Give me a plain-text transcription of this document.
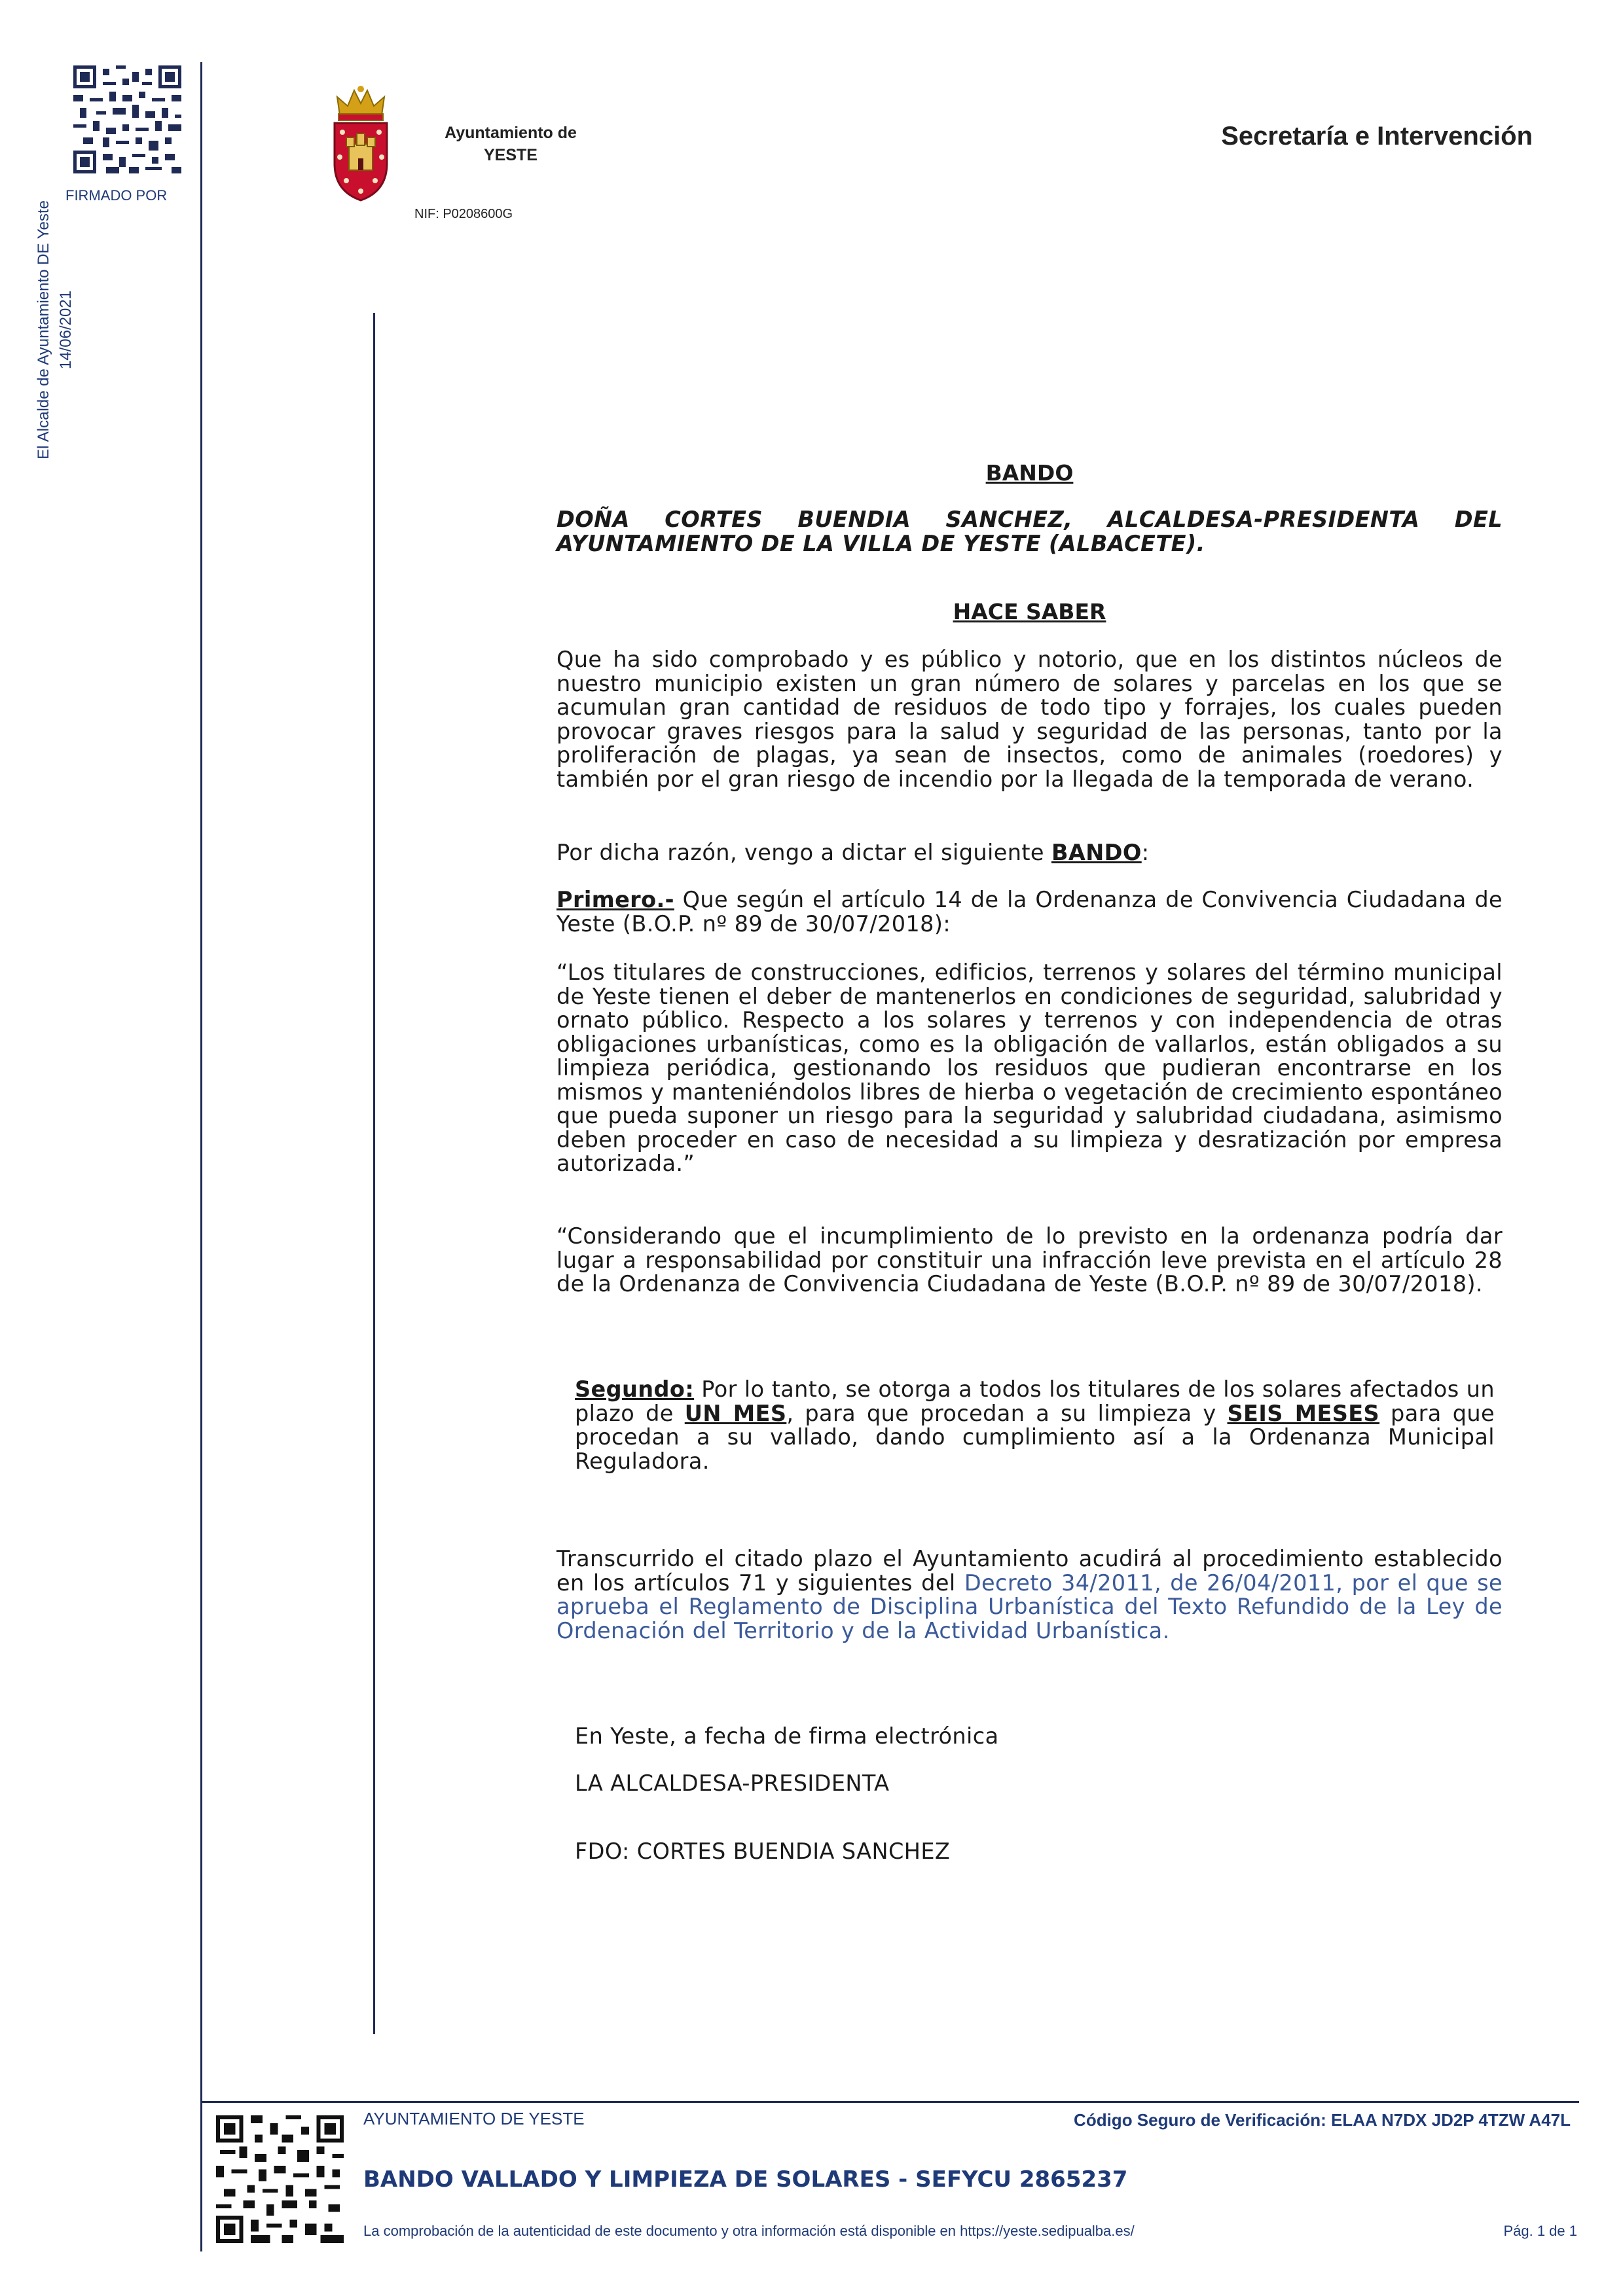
FIRMADO POR
El Alcalde de Ayuntamiento DE Yeste 14/06/2021
Ayuntamiento de
YESTE
NIF: P0208600G
Secretaría e Intervención
BANDO
DOÑA CORTES BUENDIA SANCHEZ, ALCALDESA-PRESIDENTA DEL AYUNTAMIENTO DE LA VILLA DE YESTE (ALBACETE).
HACE SABER
Que ha sido comprobado y es público y notorio, que en los distintos núcleos de nuestro municipio existen un gran número de solares y parcelas en los que se acumulan gran cantidad de residuos de todo tipo y forrajes, los cuales pueden provocar graves riesgos para la salud y seguridad de las personas, tanto por la proliferación de plagas, ya sean de insectos, como de animales (roedores) y también por el gran riesgo de incendio por la llegada de la temporada de verano.
Por dicha razón, vengo a dictar el siguiente BANDO:
Primero.- Que según el artículo 14 de la Ordenanza de Convivencia Ciudadana de Yeste (B.O.P. nº 89 de 30/07/2018):
“Los titulares de construcciones, edificios, terrenos y solares del término municipal de Yeste tienen el deber de mantenerlos en condiciones de seguridad, salubridad y ornato público. Respecto a los solares y terrenos y con independencia de otras obligaciones urbanísticas, como es la obligación de vallarlos, están obligados a su limpieza periódica, gestionando los residuos que pudieran encontrarse en los mismos y manteniéndolos libres de hierba o vegetación de crecimiento espontáneo que pueda suponer un riesgo para la seguridad y salubridad ciudadana, asimismo deben proceder en caso de necesidad a su limpieza y desratización por empresa autorizada.”
“Considerando que el incumplimiento de lo previsto en la ordenanza podría dar lugar a responsabilidad por constituir una infracción leve prevista en el artículo 28 de la Ordenanza de Convivencia Ciudadana de Yeste (B.O.P. nº 89 de 30/07/2018).
Segundo: Por lo tanto, se otorga a todos los titulares de los solares afectados un plazo de UN MES, para que procedan a su limpieza y SEIS MESES para que procedan a su vallado, dando cumplimiento así a la Ordenanza Municipal Reguladora.
Transcurrido el citado plazo el Ayuntamiento acudirá al procedimiento establecido en los artículos 71 y siguientes del Decreto 34/2011, de 26/04/2011, por el que se aprueba el Reglamento de Disciplina Urbanística del Texto Refundido de la Ley de Ordenación del Territorio y de la Actividad Urbanística.
En Yeste, a fecha de firma electrónica
LA ALCALDESA-PRESIDENTA
FDO: CORTES BUENDIA SANCHEZ
AYUNTAMIENTO DE YESTE	Código Seguro de Verificación: ELAA N7DX JD2P 4TZW A47L
BANDO VALLADO Y LIMPIEZA DE SOLARES - SEFYCU 2865237
La comprobación de la autenticidad de este documento y otra información está disponible en https://yeste.sedipualba.es/	Pág. 1 de 1
